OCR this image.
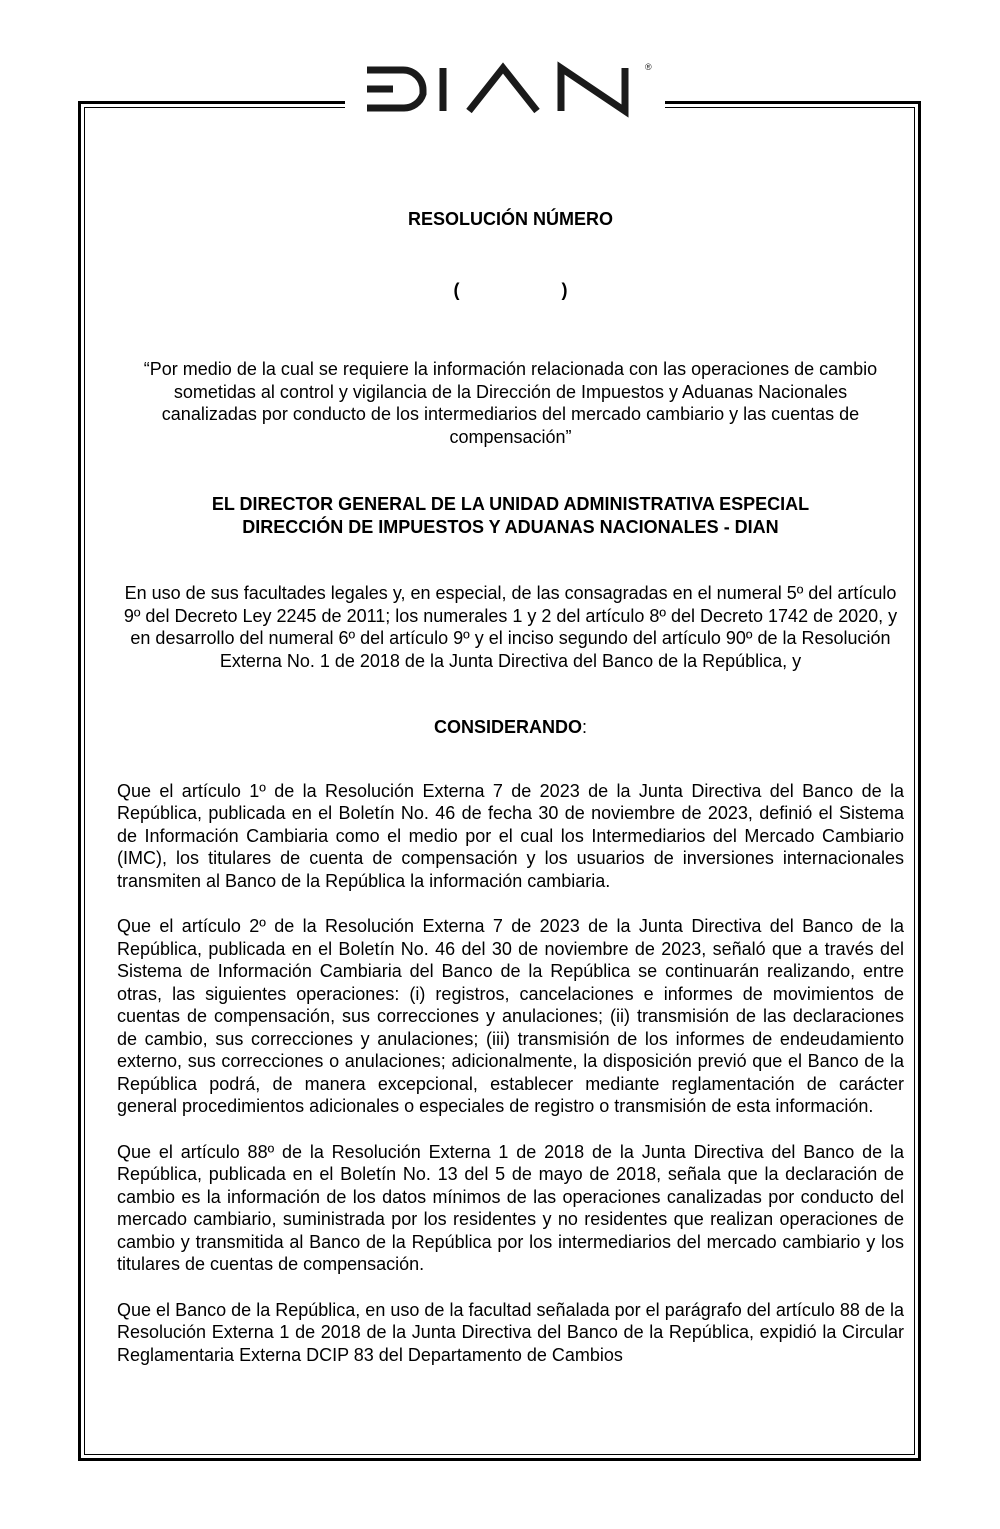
®

RESOLUCIÓN NÚMERO

(	)

“Por medio de la cual se requiere la información relacionada con las operaciones de cambio sometidas al control y vigilancia de la Dirección de Impuestos y Aduanas Nacionales canalizadas por conducto de los intermediarios del mercado cambiario y las cuentas de compensación”

EL DIRECTOR GENERAL DE LA UNIDAD ADMINISTRATIVA ESPECIAL

DIRECCIÓN DE IMPUESTOS Y ADUANAS NACIONALES - DIAN

En uso de sus facultades legales y, en especial, de las consagradas en el numeral 5º del artículo 9º del Decreto Ley 2245 de 2011; los numerales 1 y 2 del artículo 8º del Decreto 1742 de 2020, y en desarrollo del numeral 6º del artículo 9º y el inciso segundo del artículo 90º de la Resolución Externa No. 1 de 2018 de la Junta Directiva del Banco de la República, y

CONSIDERANDO:

Que el artículo 1º de la Resolución Externa 7 de 2023 de la Junta Directiva del Banco de la República, publicada en el Boletín No. 46 de fecha 30 de noviembre de 2023, definió el Sistema de Información Cambiaria como el medio por el cual los Intermediarios del Mercado Cambiario (IMC), los titulares de cuenta de compensación y los usuarios de inversiones internacionales transmiten al Banco de la República la información cambiaria.

Que el artículo 2º de la Resolución Externa 7 de 2023 de la Junta Directiva del Banco de la República, publicada en el Boletín No. 46 del 30 de noviembre de 2023, señaló que a través del Sistema de Información Cambiaria del Banco de la República se continuarán realizando, entre otras, las siguientes operaciones: (i) registros, cancelaciones e informes de movimientos de cuentas de compensación, sus correcciones y anulaciones; (ii) transmisión de las declaraciones de cambio, sus correcciones y anulaciones; (iii) transmisión de los informes de endeudamiento externo, sus correcciones o anulaciones; adicionalmente, la disposición previó que el Banco de la República podrá, de manera excepcional, establecer mediante reglamentación de carácter general procedimientos adicionales o especiales de registro o transmisión de esta información.

Que el artículo 88º de la Resolución Externa 1 de 2018 de la Junta Directiva del Banco de la República, publicada en el Boletín No. 13 del 5 de mayo de 2018, señala que la declaración de cambio es la información de los datos mínimos de las operaciones canalizadas por conducto del mercado cambiario, suministrada por los residentes y no residentes que realizan operaciones de cambio y transmitida al Banco de la República por los intermediarios del mercado cambiario y los titulares de cuentas de compensación.

Que el Banco de la República, en uso de la facultad señalada por el parágrafo del artículo 88 de la Resolución Externa 1 de 2018 de la Junta Directiva del Banco de la República, expidió la Circular Reglamentaria Externa DCIP 83 del Departamento de Cambios
